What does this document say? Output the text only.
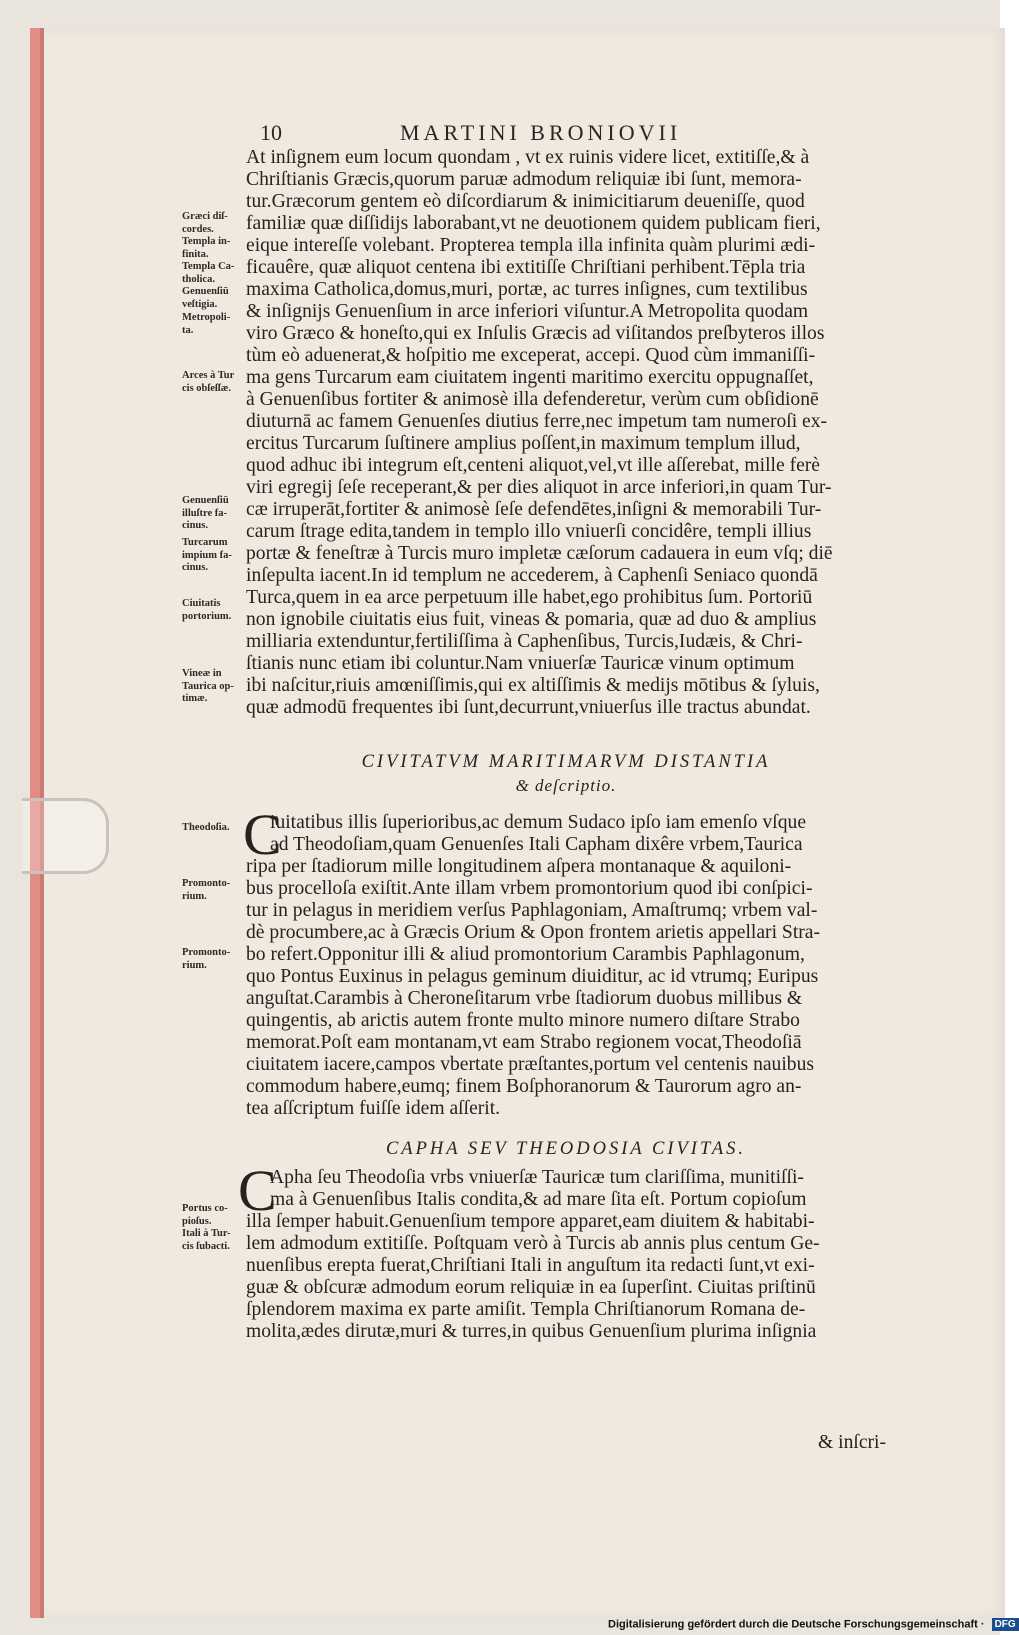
10	MARTINI BRONIOVII
At inſignem eum locum quondam , vt ex ruinis videre licet, extitiſſe,& à
Chriſtianis Græcis,quorum paruæ admodum reliquiæ ibi ſunt, memora-
tur.Græcorum gentem eò diſcordiarum & inimicitiarum deueniſſe, quod
familiæ quæ diſſidijs laborabant,vt ne deuotionem quidem publicam fieri,
eique intereſſe volebant. Propterea templa illa infinita quàm plurimi ædi-
ficauêre, quæ aliquot centena ibi extitiſſe Chriſtiani perhibent.Tēpla tria
maxima Catholica,domus,muri, portæ, ac turres inſignes, cum textilibus
& inſignijs Genuenſium in arce inferiori viſuntur.A Metropolita quodam
viro Græco & honeſto,qui ex Inſulis Græcis ad viſitandos preſbyteros illos
tùm eò aduenerat,& hoſpitio me exceperat, accepi. Quod cùm immaniſſi-
ma gens Turcarum eam ciuitatem ingenti maritimo exercitu oppugnaſſet,
à Genuenſibus fortiter & animosè illa defenderetur, verùm cum obſidionē
diuturnā ac famem Genuenſes diutius ferre,nec impetum tam numeroſi ex-
ercitus Turcarum ſuſtinere amplius poſſent,in maximum templum illud,
quod adhuc ibi integrum eſt,centeni aliquot,vel,vt ille aſſerebat, mille ferè
viri egregij ſeſe receperant,& per dies aliquot in arce inferiori,in quam Tur-
cæ irruperāt,fortiter & animosè ſeſe defendētes,inſigni & memorabili Tur-
carum ſtrage edita,tandem in templo illo vniuerſi concidêre, templi illius
portæ & feneſtræ à Turcis muro impletæ cæſorum cadauera in eum vſq; diē
inſepulta iacent.In id templum ne accederem, à Caphenſi Seniaco quondā
Turca,quem in ea arce perpetuum ille habet,ego prohibitus ſum. Portoriū
non ignobile ciuitatis eius fuit, vineas & pomaria, quæ ad duo & amplius
milliaria extenduntur,fertiliſſima à Caphenſibus, Turcis,Iudæis, & Chri-
ſtianis nunc etiam ibi coluntur.Nam vniuerſæ Tauricæ vinum optimum
ibi naſcitur,riuis amœniſſimis,qui ex altiſſimis & medijs mōtibus & ſyluis,
quæ admodū frequentes ibi ſunt,decurrunt,vniuerſus ille tractus abundat.
CIVITATVM MARITIMARVM DISTANTIA
& deſcriptio.
C
iuitatibus illis ſuperioribus,ac demum Sudaco ipſo iam emenſo vſque
ad Theodoſiam,quam Genuenſes Itali Capham dixêre vrbem,Taurica
ripa per ſtadiorum mille longitudinem aſpera montanaque & aquiloni-
bus procelloſa exiſtit.Ante illam vrbem promontorium quod ibi conſpici-
tur in pelagus in meridiem verſus Paphlagoniam, Amaſtrumq; vrbem val-
dè procumbere,ac à Græcis Orium & Opon frontem arietis appellari Stra-
bo refert.Opponitur illi & aliud promontorium Carambis Paphlagonum,
quo Pontus Euxinus in pelagus geminum diuiditur, ac id vtrumq; Euripus
anguſtat.Carambis à Cheroneſitarum vrbe ſtadiorum duobus millibus &
quingentis, ab arictis autem fronte multo minore numero diſtare Strabo
memorat.Poſt eam montanam,vt eam Strabo regionem vocat,Theodoſiā
ciuitatem iacere,campos vbertate præſtantes,portum vel centenis nauibus
commodum habere,eumq; finem Boſphoranorum & Taurorum agro an-
tea aſſcriptum fuiſſe idem aſſerit.
CAPHA SEV THEODOSIA CIVITAS.
C
Apha ſeu Theodoſia vrbs vniuerſæ Tauricæ tum clariſſima, munitiſſi-
ma à Genuenſibus Italis condita,& ad mare ſita eſt. Portum copioſum
illa ſemper habuit.Genuenſium tempore apparet,eam diuitem & habitabi-
lem admodum extitiſſe. Poſtquam verò à Turcis ab annis plus centum Ge-
nuenſibus erepta fuerat,Chriſtiani Itali in anguſtum ita redacti ſunt,vt exi-
guæ & obſcuræ admodum eorum reliquiæ in ea ſuperſint. Ciuitas priſtinū
ſplendorem maxima ex parte amiſit. Templa Chriſtianorum Romana de-
molita,ædes dirutæ,muri & turres,in quibus Genuenſium plurima inſignia
& inſcri-
Græci diſ-
cordes.
Templa in-
finita.
Templa Ca-
tholica.
Genuenſiū
veſtigia.
Metropoli-
ta.
Arces à Tur
cis obſeſſæ.
Genuenſiū
illuſtre fa-
cinus.
Turcarum
impium fa-
cinus.
Ciuitatis
portorium.
Vineæ in
Taurica op-
timæ.
Theodoſia.
Promonto-
rium.
Promonto-
rium.
Portus co-
pioſus.
Itali à Tur-
cis ſubacti.
Digitalisierung gefördert durch die Deutsche Forschungsgemeinschaft · DFG
